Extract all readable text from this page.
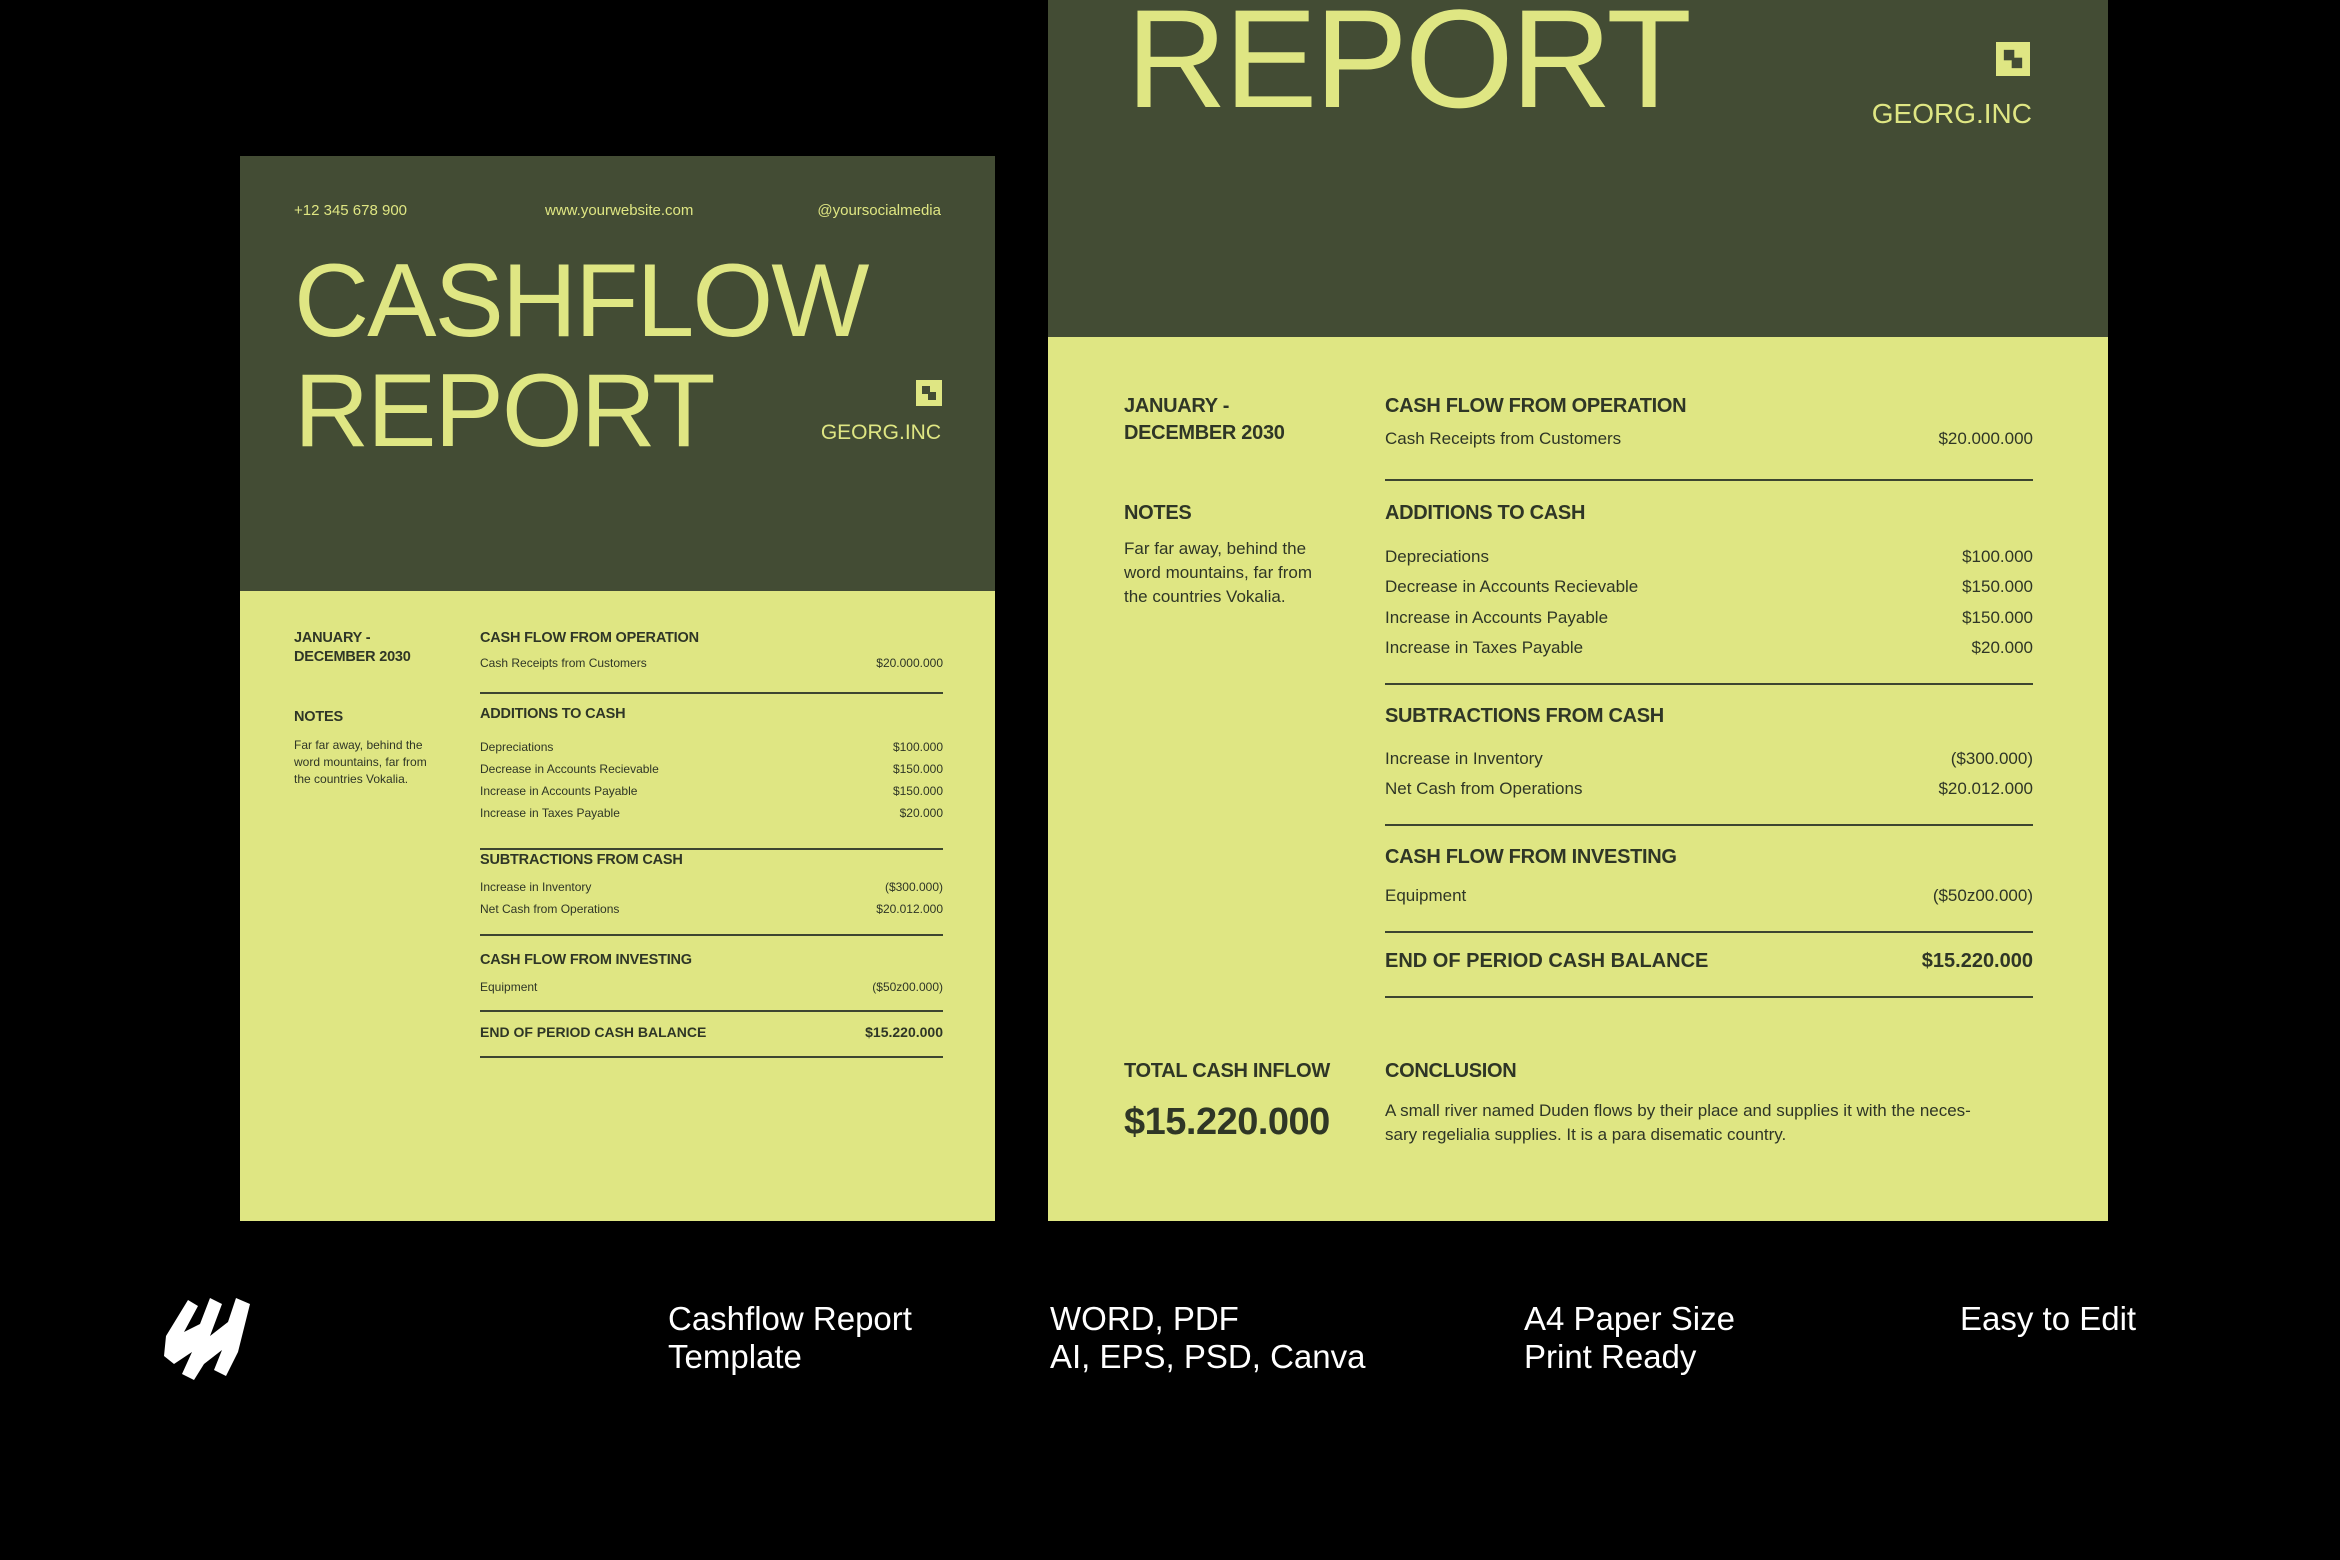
+12 345 678 900	www.yourwebsite.com	@yoursocialmedia
CASHFLOW
REPORT	GEORG.INC
JANUARY -
DECEMBER 2030
NOTES
Far far away, behind the
word mountains, far from
the countries Vokalia.
CASH FLOW FROM OPERATION
Cash Receipts from Customers	$20.000.000
ADDITIONS TO CASH
Depreciations	$100.000
Decrease in Accounts Recievable	$150.000
Increase in Accounts Payable	$150.000
Increase in Taxes Payable	$20.000
SUBTRACTIONS FROM CASH
Increase in Inventory	($300.000)
Net Cash from Operations	$20.012.000
CASH FLOW FROM INVESTING
Equipment	($50z00.000)
END OF PERIOD CASH BALANCE	$15.220.000
REPORT	GEORG.INC
JANUARY -
DECEMBER 2030
NOTES
Far far away, behind the
word mountains, far from
the countries Vokalia.
TOTAL CASH INFLOW
$15.220.000
CASH FLOW FROM OPERATION
Cash Receipts from Customers	$20.000.000
ADDITIONS TO CASH
Depreciations	$100.000
Decrease in Accounts Recievable	$150.000
Increase in Accounts Payable	$150.000
Increase in Taxes Payable	$20.000
SUBTRACTIONS FROM CASH
Increase in Inventory	($300.000)
Net Cash from Operations	$20.012.000
CASH FLOW FROM INVESTING
Equipment	($50z00.000)
END OF PERIOD CASH BALANCE	$15.220.000
CONCLUSION
A small river named Duden flows by their place and supplies it with the neces-
sary regelialia supplies. It is a para disematic country.
Cashflow Report
Template
WORD, PDF
AI, EPS, PSD, Canva
A4 Paper Size
Print Ready
Easy to Edit
